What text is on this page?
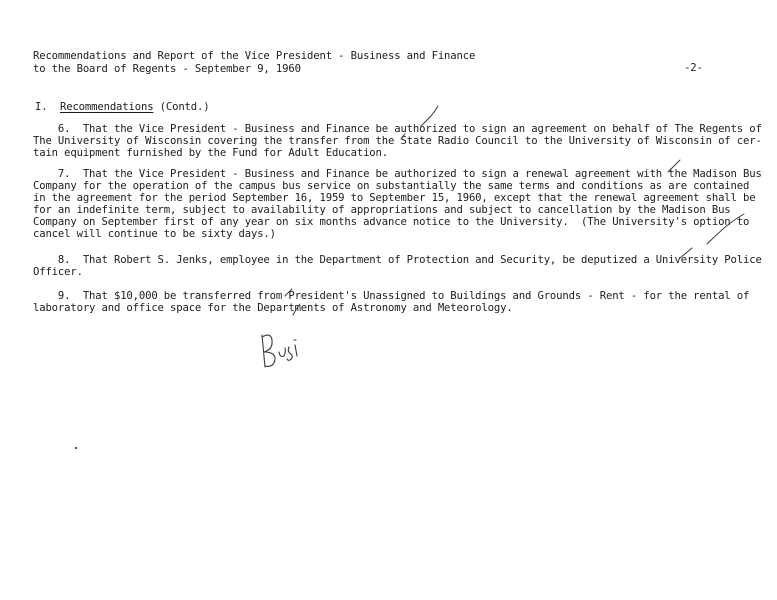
Recommendations and Report of the Vice President - Business and Finance
to the Board of Regents - September 9, 1960	-2-
I. Recommendations (Contd.)
6.  That the Vice President - Business and Finance be authorized to sign an agreement on behalf of The Regents of
The University of Wisconsin covering the transfer from the State Radio Council to the University of Wisconsin of cer-
tain equipment furnished by the Fund for Adult Education.
7.  That the Vice President - Business and Finance be authorized to sign a renewal agreement with the Madison Bus
Company for the operation of the campus bus service on substantially the same terms and conditions as are contained
in the agreement for the period September 16, 1959 to September 15, 1960, except that the renewal agreement shall be
for an indefinite term, subject to availability of appropriations and subject to cancellation by the Madison Bus
Company on September first of any year on six months advance notice to the University.  (The University's option to
cancel will continue to be sixty days.)
8.  That Robert S. Jenks, employee in the Department of Protection and Security, be deputized a University Police
Officer.
9.  That $10,000 be transferred from President's Unassigned to Buildings and Grounds - Rent - for the rental of
laboratory and office space for the Departments of Astronomy and Meteorology.
